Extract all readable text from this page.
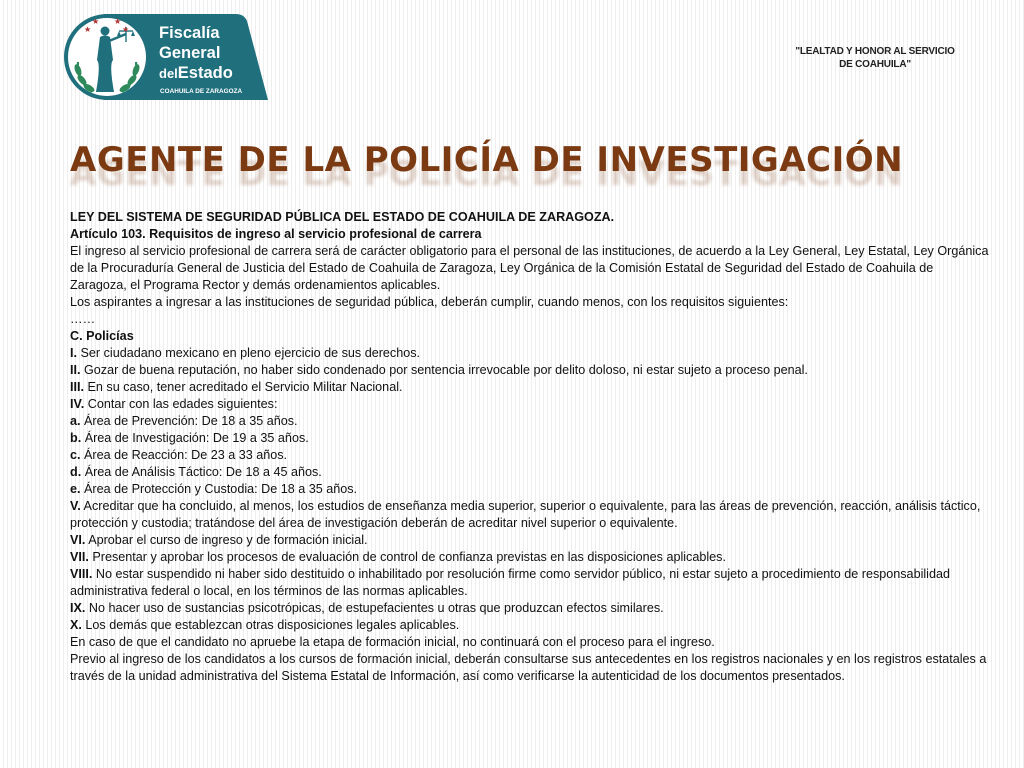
★
★ ★
★ Fiscalía
General
delEstado
COAHUILA DE ZARAGOZA
"LEALTAD Y HONOR AL SERVICIO
DE COAHUILA"
AGENTE DE LA POLICÍA DE INVESTIGACIÓN

LEY DEL SISTEMA DE SEGURIDAD PÚBLICA DEL ESTADO DE COAHUILA DE ZARAGOZA.

Artículo 103. Requisitos de ingreso al servicio profesional de carrera

El ingreso al servicio profesional de carrera será de carácter obligatorio para el personal de las instituciones, de acuerdo a la Ley General, Ley Estatal, Ley Orgánica de la Procuraduría General de Justicia del Estado de Coahuila de Zaragoza, Ley Orgánica de la Comisión Estatal de Seguridad del Estado de Coahuila de Zaragoza, el Programa Rector y demás ordenamientos aplicables.

Los aspirantes a ingresar a las instituciones de seguridad pública, deberán cumplir, cuando menos, con los requisitos siguientes:

……

C. Policías

I. Ser ciudadano mexicano en pleno ejercicio de sus derechos.

II. Gozar de buena reputación, no haber sido condenado por sentencia irrevocable por delito doloso, ni estar sujeto a proceso penal.

III. En su caso, tener acreditado el Servicio Militar Nacional.

IV. Contar con las edades siguientes:

a. Área de Prevención: De 18 a 35 años.

b. Área de Investigación: De 19 a 35 años.

c. Área de Reacción: De 23 a 33 años.

d. Área de Análisis Táctico: De 18 a 45 años.

e. Área de Protección y Custodia: De 18 a 35 años.

V. Acreditar que ha concluido, al menos, los estudios de enseñanza media superior, superior o equivalente, para las áreas de prevención, reacción, análisis táctico, protección y custodia; tratándose del área de investigación deberán de acreditar nivel superior o equivalente.

VI. Aprobar el curso de ingreso y de formación inicial.

VII. Presentar y aprobar los procesos de evaluación de control de confianza previstas en las disposiciones aplicables.

VIII. No estar suspendido ni haber sido destituido o inhabilitado por resolución firme como servidor público, ni estar sujeto a procedimiento de responsabilidad administrativa federal o local, en los términos de las normas aplicables.

IX. No hacer uso de sustancias psicotrópicas, de estupefacientes u otras que produzcan efectos similares.

X. Los demás que establezcan otras disposiciones legales aplicables.

En caso de que el candidato no apruebe la etapa de formación inicial, no continuará con el proceso para el ingreso.

Previo al ingreso de los candidatos a los cursos de formación inicial, deberán consultarse sus antecedentes en los registros nacionales y en los registros estatales a través de la unidad administrativa del Sistema Estatal de Información, así como verificarse la autenticidad de los documentos presentados.
